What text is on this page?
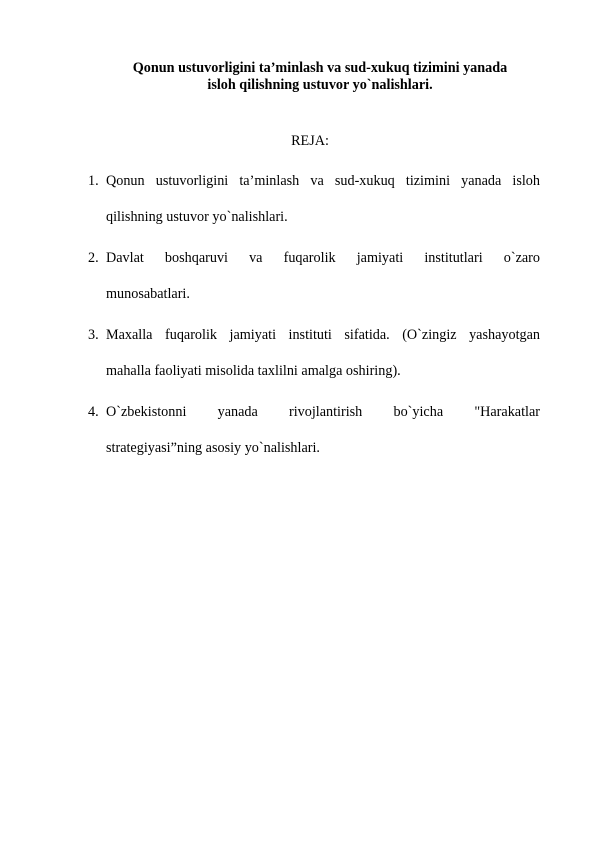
Qonun ustuvorligini ta’minlash va sud-xukuq tizimini yanada
isloh qilishning ustuvor yo`nalishlari.
REJA:
1. Qonun ustuvorligini ta’minlash va sud-xukuq tizimini yanada isloh
qilishning ustuvor yo`nalishlari.
2. Davlat boshqaruvi va fuqarolik jamiyati institutlari o`zaro
munosabatlari.
3. Maxalla fuqarolik jamiyati instituti sifatida. (O`zingiz yashayotgan
mahalla faoliyati misolida taxlilni amalga oshiring).
4. O`zbekistonni yanada rivojlantirish bo`yicha "Harakatlar
strategiyasi”ning asosiy yo`nalishlari.
